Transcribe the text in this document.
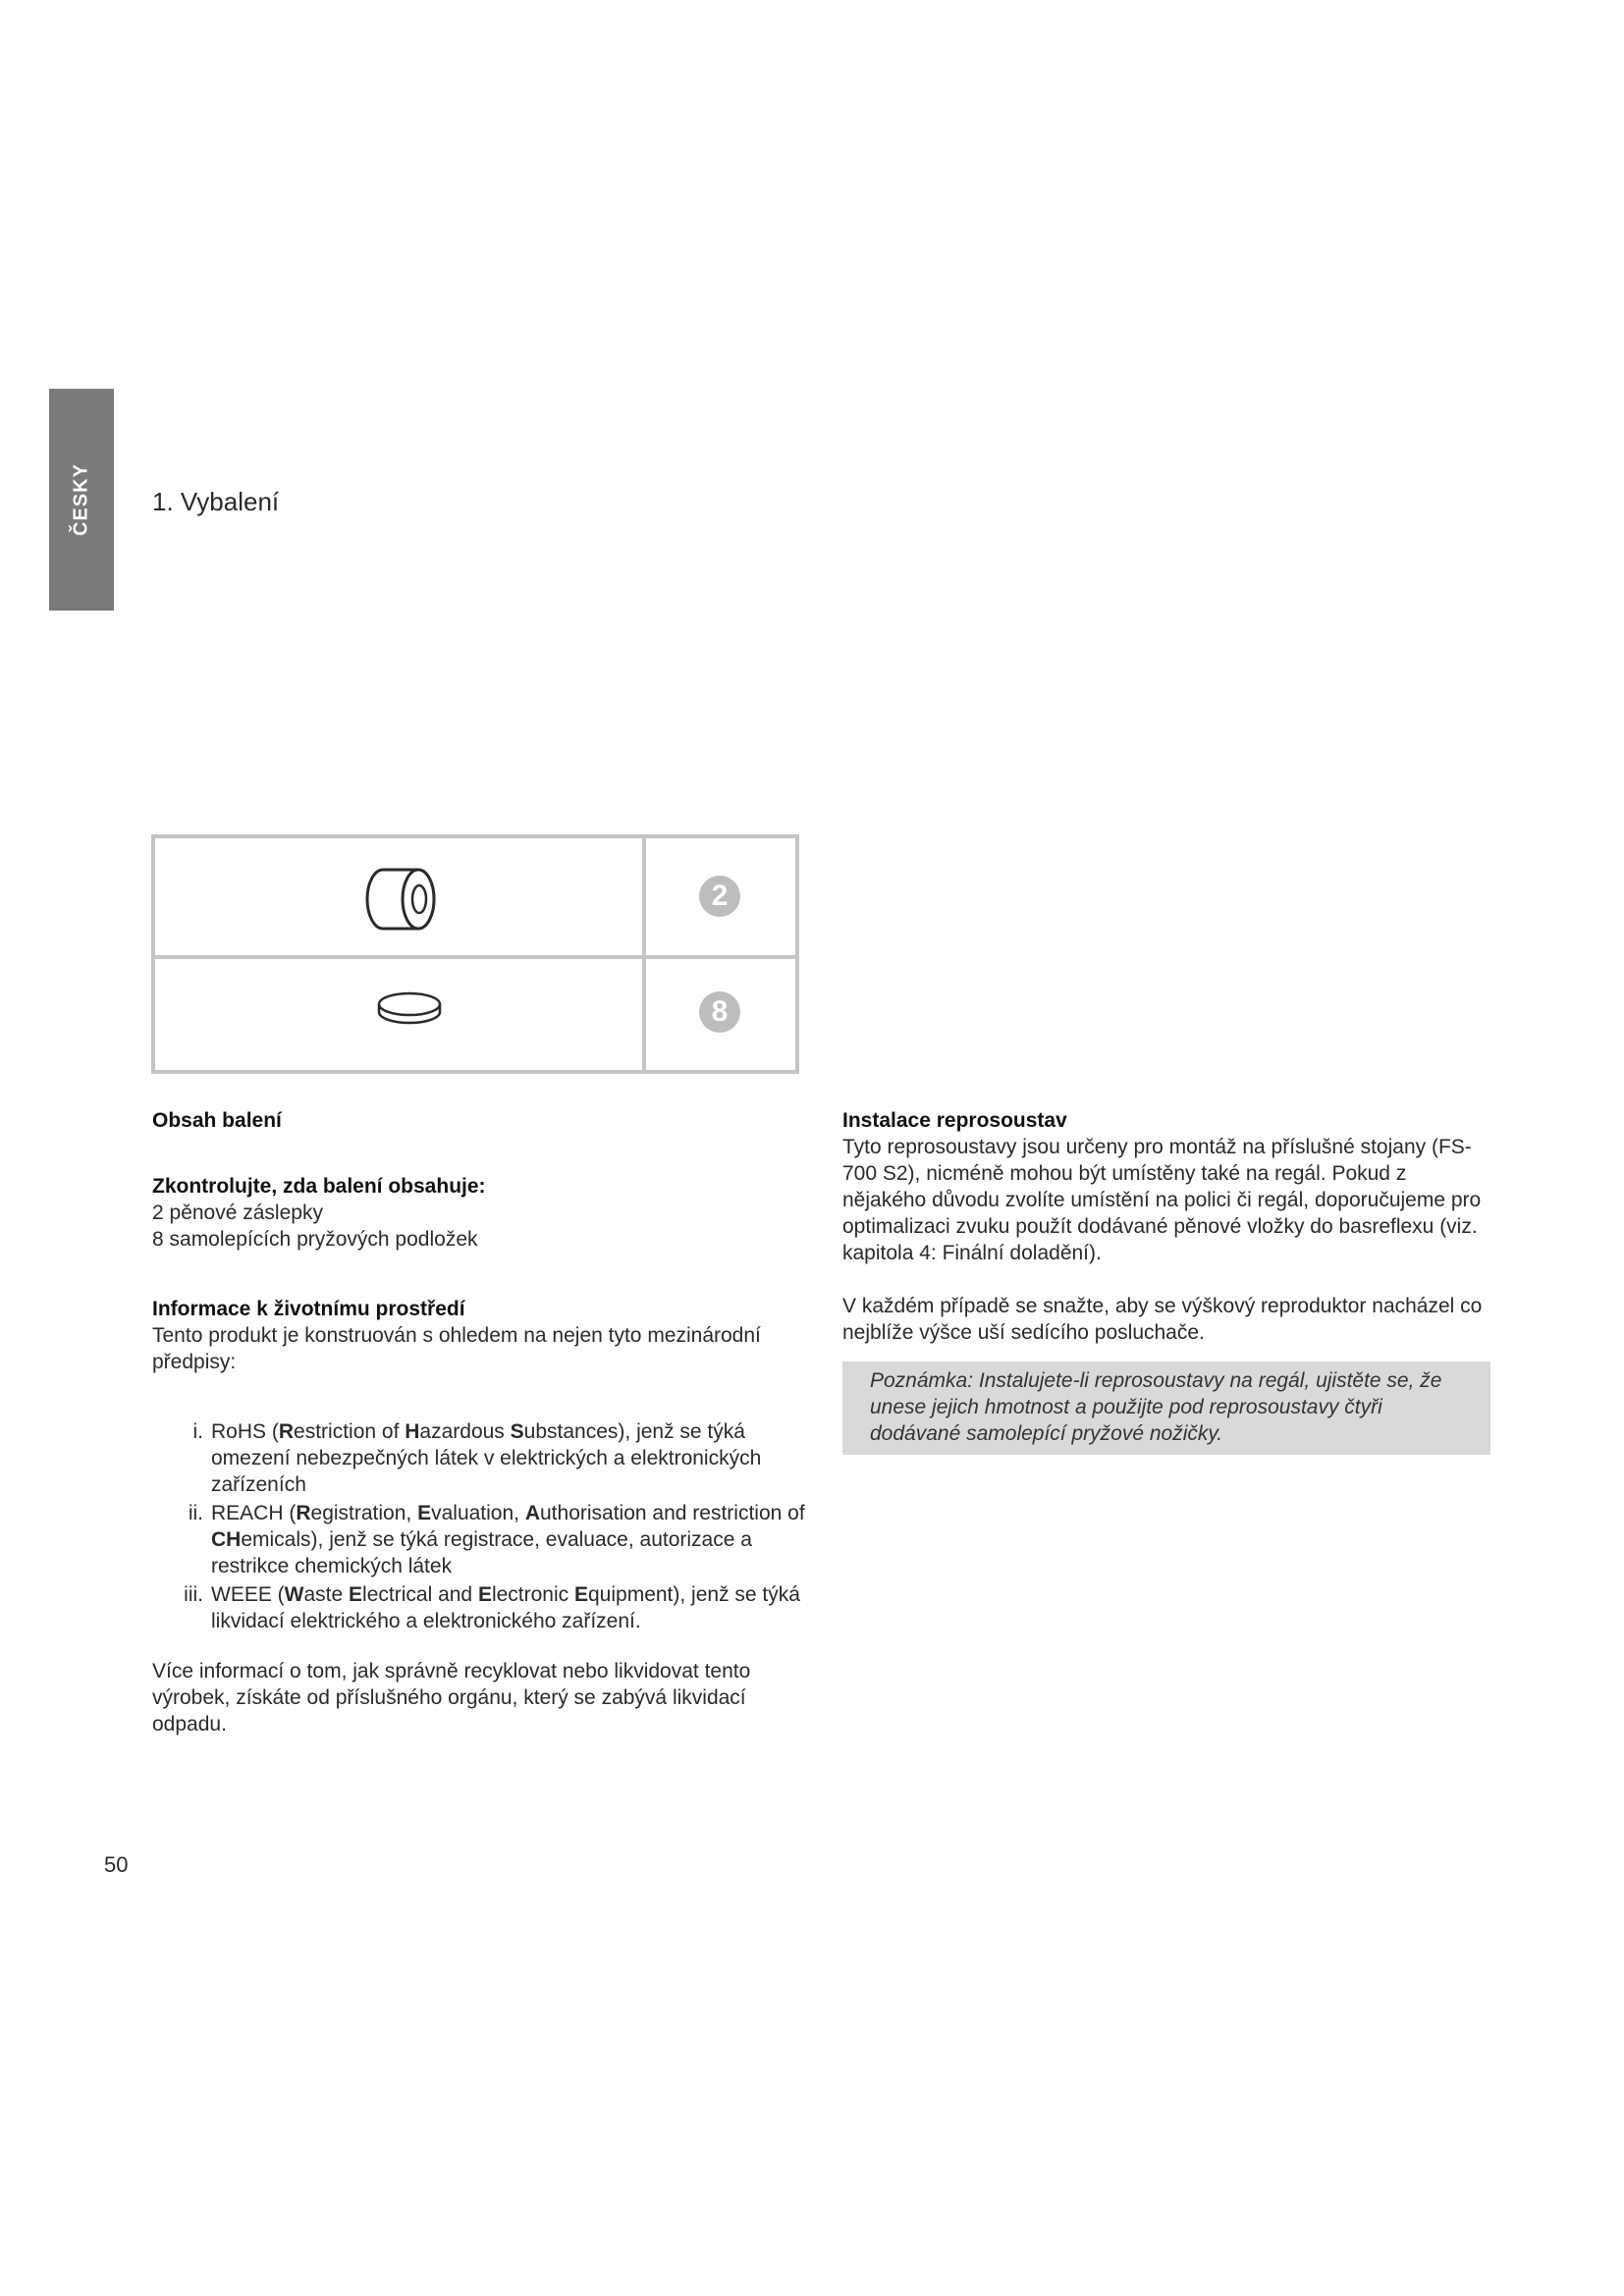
ČESKY 1. Vybalení
2
8

Obsah balení

Zkontrolujte, zda balení obsahuje:

2 pěnové záslepky

8 samolepících pryžových podložek

Informace k životnímu prostředí

Tento produkt je konstruován s ohledem na nejen tyto mezinárodní předpisy:

i. RoHS (Restriction of Hazardous Substances), jenž se týká omezení nebezpečných látek v elektrických a elektronických zařízeních
ii. REACH (Registration, Evaluation, Authorisation and restriction of CHemicals), jenž se týká registrace, evaluace, autorizace a restrikce chemických látek
iii. WEEE (Waste Electrical and Electronic Equipment), jenž se týká likvidací elektrického a elektronického zařízení.

Více informací o tom, jak správně recyklovat nebo likvidovat tento výrobek, získáte od příslušného orgánu, který se zabývá likvidací odpadu.

Instalace reprosoustav

Tyto reprosoustavy jsou určeny pro montáž na příslušné stojany (FS-700 S2), nicméně mohou být umístěny také na regál. Pokud z nějakého důvodu zvolíte umístění na polici či regál, doporučujeme pro optimalizaci zvuku použít dodávané pěnové vložky do basreflexu (viz. kapitola 4: Finální doladění).

V každém případě se snažte, aby se výškový reproduktor nacházel co nejblíže výšce uší sedícího posluchače.

Poznámka: Instalujete-li reprosoustavy na regál, ujistěte se, že unese jejich hmotnost a použijte pod reprosoustavy čtyři dodávané samolepící pryžové nožičky.

50
